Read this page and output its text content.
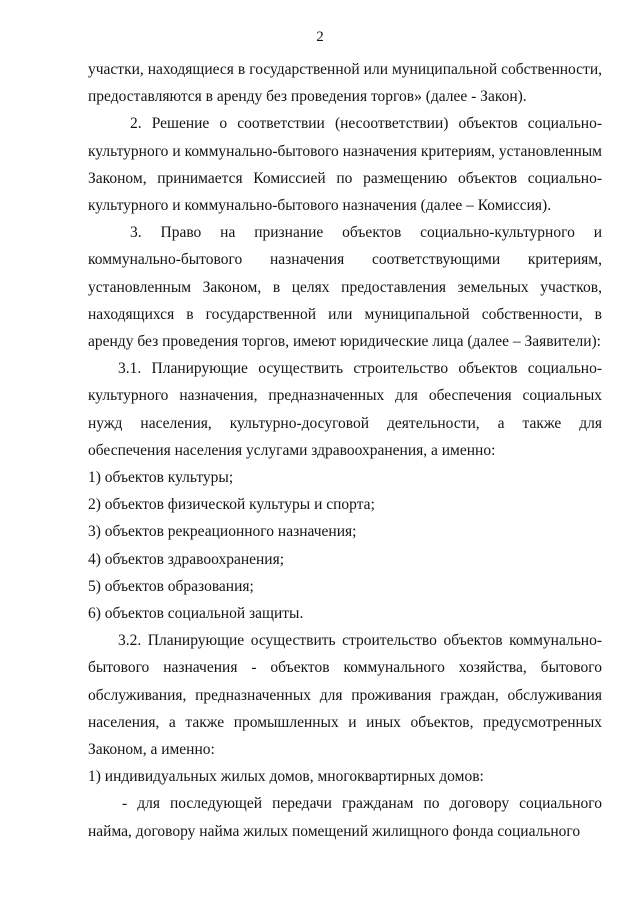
2

участки, находящиеся в государственной или муниципальной собственности, предоставляются в аренду без проведения торгов» (далее - Закон).

2. Решение о соответствии (несоответствии) объектов социально-культурного и коммунально-бытового назначения критериям, установленным Законом, принимается Комиссией по размещению объектов социально-культурного и коммунально-бытового назначения (далее – Комиссия).

3. Право на признание объектов социально-культурного и коммунально-бытового назначения соответствующими критериям, установленным Законом, в целях предоставления земельных участков, находящихся в государственной или муниципальной собственности, в аренду без проведения торгов, имеют юридические лица (далее – Заявители):

3.1. Планирующие осуществить строительство объектов социально-культурного назначения, предназначенных для обеспечения социальных нужд населения, культурно-досуговой деятельности, а также для обеспечения населения услугами здравоохранения, а именно:

1) объектов культуры;

2) объектов физической культуры и спорта;

3) объектов рекреационного назначения;

4) объектов здравоохранения;

5) объектов образования;

6) объектов социальной защиты.

3.2. Планирующие осуществить строительство объектов коммунально-бытового назначения - объектов коммунального хозяйства, бытового обслуживания, предназначенных для проживания граждан, обслуживания населения, а также промышленных и иных объектов, предусмотренных Законом, а именно:

1) индивидуальных жилых домов, многоквартирных домов:

- для последующей передачи гражданам по договору социального найма, договору найма жилых помещений жилищного фонда социального
